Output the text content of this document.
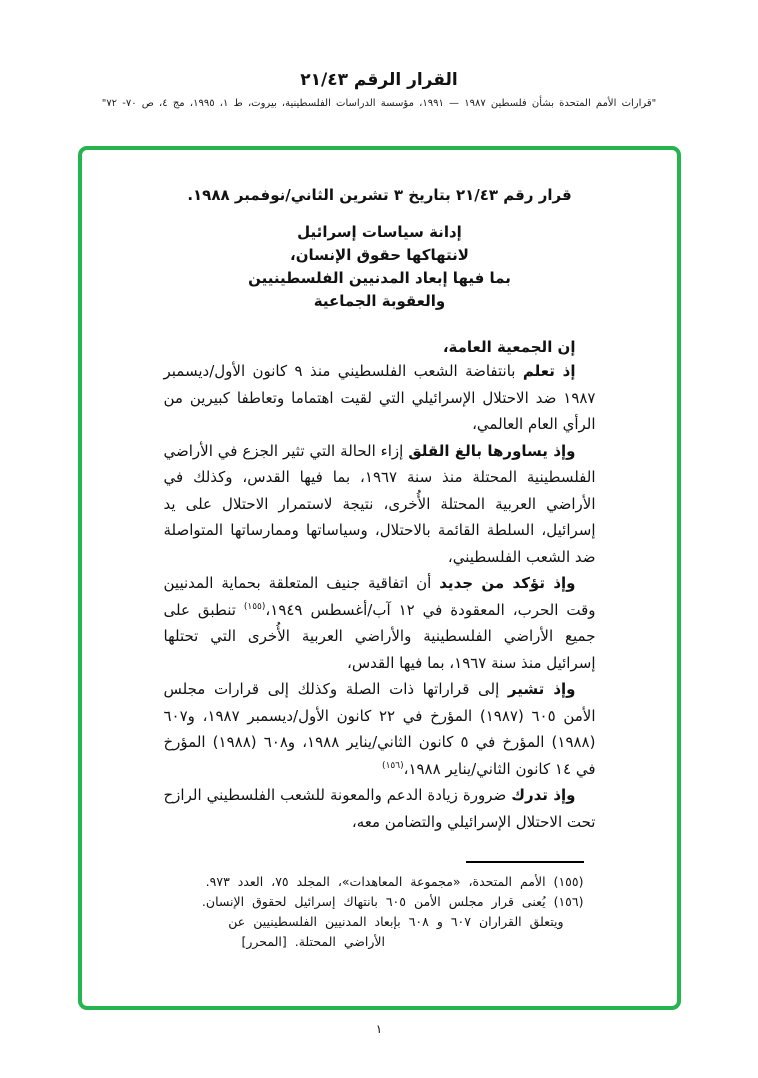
القرار الرقم ٢١/٤٣
"قرارات الأمم المتحدة بشأن فلسطين ١٩٨٧ — ١٩٩١، مؤسسة الدراسات الفلسطينية، بيروت، ط ١، ١٩٩٥، مج ٤، ص ٧٠- ٧٢"
قرار رقم ٢١/٤٣ بتاريخ ٣ تشرين الثاني/نوفمبر ١٩٨٨.
إدانة سياسات إسرائيل
لانتهاكها حقوق الإنسان،
بما فيها إبعاد المدنيين الفلسطينيين
والعقوبة الجماعية

إن الجمعية العامة،

إذ تعلم بانتفاضة الشعب الفلسطيني منذ ٩ كانون الأول/ديسمبر ١٩٨٧ ضد الاحتلال الإسرائيلي التي لقيت اهتماما وتعاطفا كبيرين من الرأي العام العالمي،

وإذ يساورها بالغ القلق إزاء الحالة التي تثير الجزع في الأراضي الفلسطينية المحتلة منذ سنة ١٩٦٧، بما فيها القدس، وكذلك في الأراضي العربية المحتلة الأُخرى، نتيجة لاستمرار الاحتلال على يد إسرائيل، السلطة القائمة بالاحتلال، وسياساتها وممارساتها المتواصلة ضد الشعب الفلسطيني،

وإذ تؤكد من جديد أن اتفاقية جنيف المتعلقة بحماية المدنيين وقت الحرب، المعقودة في ١٢ آب/أغسطس ١٩٤٩،$^{(١٥٥)}$ تنطبق على جميع الأراضي الفلسطينية والأراضي العربية الأُخرى التي تحتلها إسرائيل منذ سنة ١٩٦٧، بما فيها القدس،

وإذ تشير إلى قراراتها ذات الصلة وكذلك إلى قرارات مجلس الأمن ٦٠٥ (١٩٨٧) المؤرخ في ٢٢ كانون الأول/ديسمبر ١٩٨٧، و٦٠٧ (١٩٨٨) المؤرخ في ٥ كانون الثاني/يناير ١٩٨٨، و٦٠٨ (١٩٨٨) المؤرخ في ١٤ كانون الثاني/يناير ١٩٨٨،$^{(١٥٦)}$

وإذ تدرك ضرورة زيادة الدعم والمعونة للشعب الفلسطيني الرازح تحت الاحتلال الإسرائيلي والتضامن معه،

(١٥٥) الأمم المتحدة، «مجموعة المعاهدات»، المجلد ٧٥، العدد ٩٧٣.

(١٥٦) يُعنى قرار مجلس الأمن ٦٠٥ بانتهاك إسرائيل لحقوق الإنسان.

ويتعلق القراران ٦٠٧ و ٦٠٨ بإبعاد المدنيين الفلسطينيين عن

الأراضي المحتلة. [المحرر]

١
